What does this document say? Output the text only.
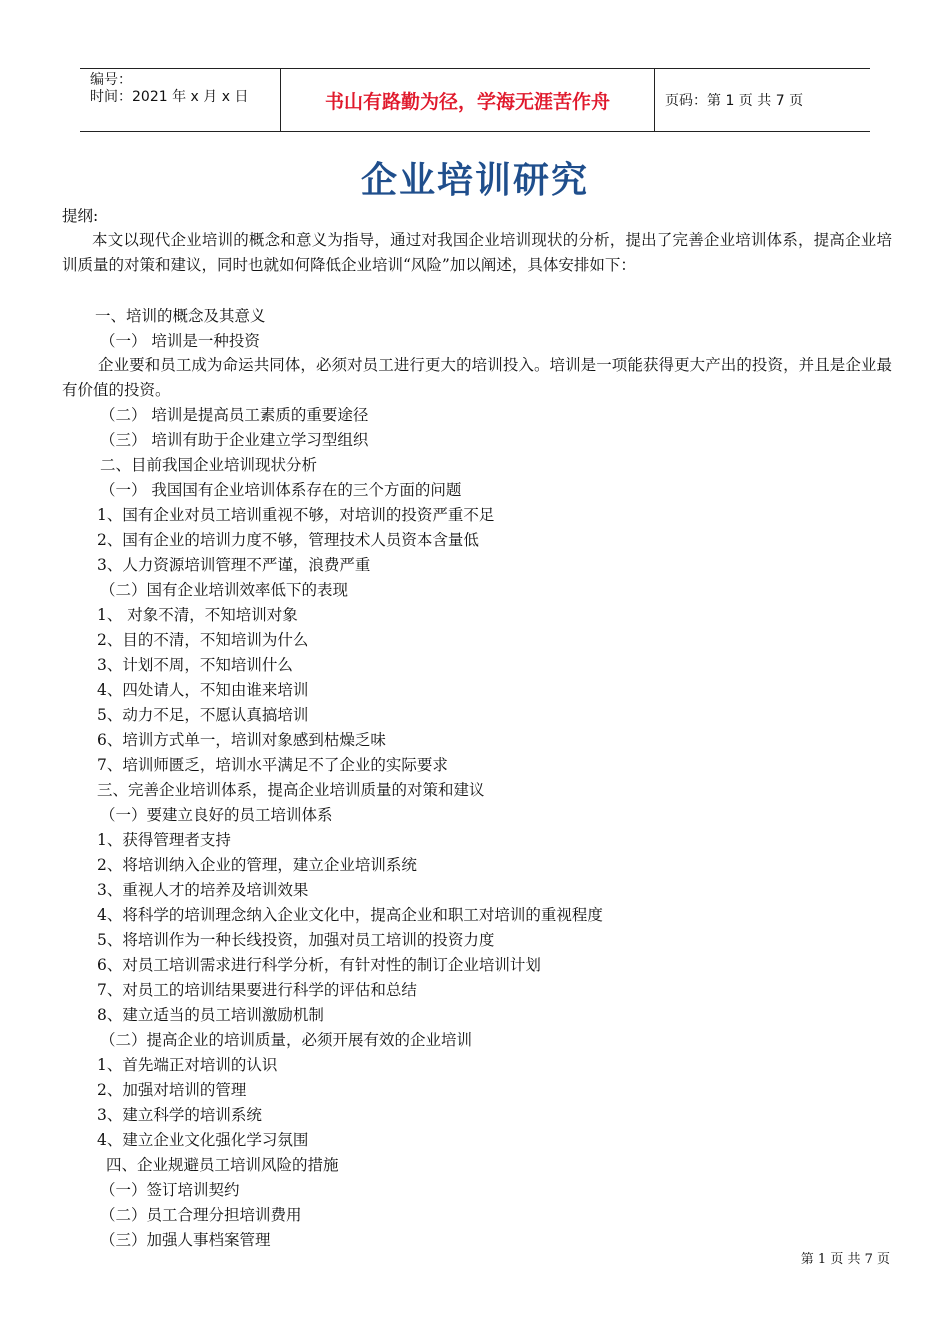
编号：
时间：2021 年 x 月 x 日	书山有路勤为径，学海无涯苦作舟	页码：第 1 页 共 7 页
企业培训研究
提纲:
本文以现代企业培训的概念和意义为指导，通过对我国企业培训现状的分析，提出了完善企业培训体系，提高企业培训质量的对策和建议，同时也就如何降低企业培训“风险”加以阐述，具体安排如下：
一、培训的概念及其意义
（一） 培训是一种投资
企业要和员工成为命运共同体，必须对员工进行更大的培训投入。培训是一项能获得更大产出的投资，并且是企业最有价值的投资。
（二） 培训是提高员工素质的重要途径
（三） 培训有助于企业建立学习型组织
二、目前我国企业培训现状分析
（一） 我国国有企业培训体系存在的三个方面的问题
1、国有企业对员工培训重视不够，对培训的投资严重不足
2、国有企业的培训力度不够，管理技术人员资本含量低
3、人力资源培训管理不严谨，浪费严重
（二）国有企业培训效率低下的表现
1、 对象不清，不知培训对象
2、目的不清，不知培训为什么
3、计划不周，不知培训什么
4、四处请人，不知由谁来培训
5、动力不足，不愿认真搞培训
6、培训方式单一，培训对象感到枯燥乏味
7、培训师匮乏，培训水平满足不了企业的实际要求
三、完善企业培训体系，提高企业培训质量的对策和建议
（一）要建立良好的员工培训体系
1、获得管理者支持
2、将培训纳入企业的管理，建立企业培训系统
3、重视人才的培养及培训效果
4、将科学的培训理念纳入企业文化中，提高企业和职工对培训的重视程度
5、将培训作为一种长线投资，加强对员工培训的投资力度
6、对员工培训需求进行科学分析，有针对性的制订企业培训计划
7、对员工的培训结果要进行科学的评估和总结
8、建立适当的员工培训激励机制
（二）提高企业的培训质量，必须开展有效的企业培训
1、首先端正对培训的认识
2、加强对培训的管理
3、建立科学的培训系统
4、建立企业文化强化学习氛围
四、企业规避员工培训风险的措施
（一）签订培训契约
（二）员工合理分担培训费用
（三）加强人事档案管理
第 1 页 共 7 页
